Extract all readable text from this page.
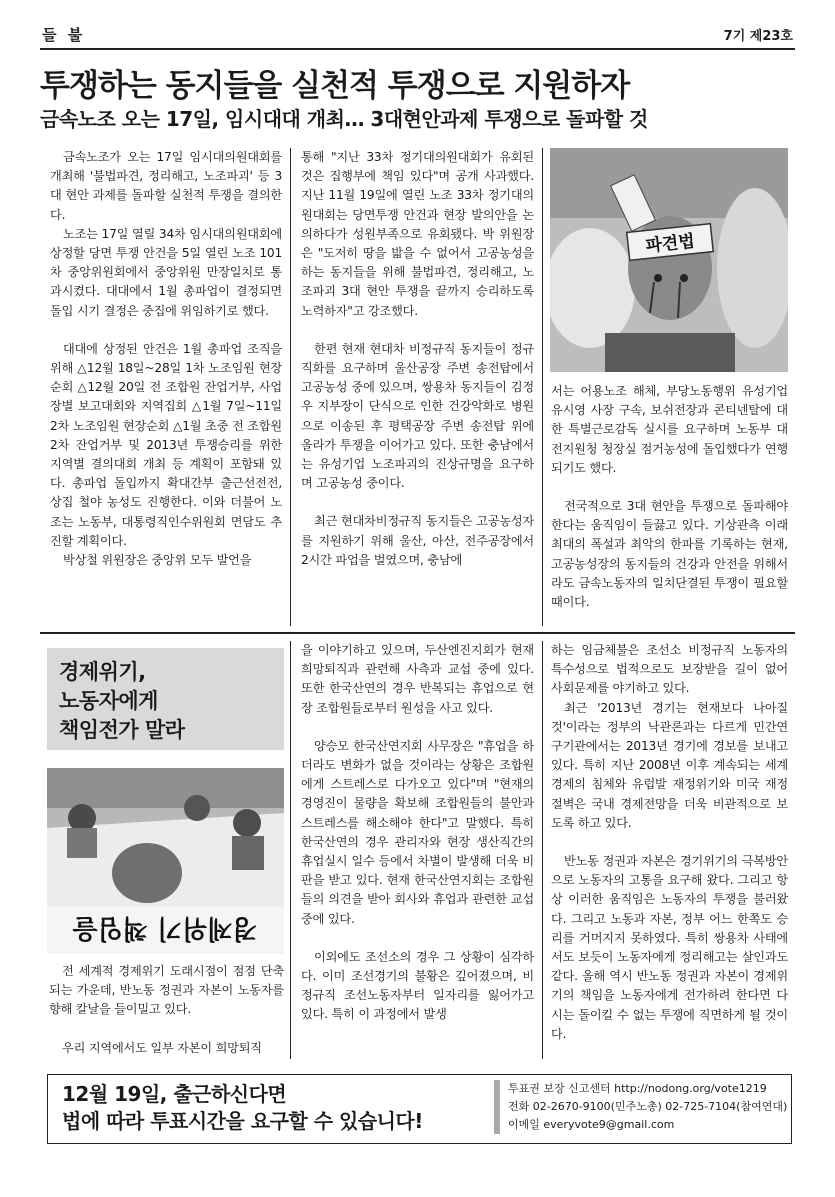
들 불	7기 제23호
투쟁하는 동지들을 실천적 투쟁으로 지원하자
금속노조 오는 17일, 임시대대 개최… 3대현안과제 투쟁으로 돌파할 것

금속노조가 오는 17일 임시대의원대회를 개최해 '불법파견, 정리해고, 노조파괴' 등 3대 현안 과제를 돌파할 실천적 투쟁을 결의한다.

노조는 17일 열릴 34차 임시대의원대회에 상정할 당면 투쟁 안건을 5일 열린 노조 101차 중앙위원회에서 중앙위원 만장일치로 통과시켰다. 대대에서 1월 총파업이 결정되면 돌입 시기 결정은 중집에 위임하기로 했다.

대대에 상정된 안건은 1월 총파업 조직을 위해 △12월 18일~28일 1차 노조임원 현장순회 △12월 20일 전 조합원 잔업거부, 사업장별 보고대회와 지역집회 △1월 7일~11일 2차 노조임원 현장순회 △1월 초중 전 조합원 2차 잔업거부 및 2013년 투쟁승리를 위한 지역별 결의대회 개최 등 계획이 포함돼 있다. 총파업 돌입까지 확대간부 출근선전전, 상집 철야 농성도 진행한다. 이와 더불어 노조는 노동부, 대통령직인수위원회 면담도 추진할 계획이다.

박상철 위원장은 중앙위 모두 발언을

통해 "지난 33차 정기대의원대회가 유회된 것은 집행부에 책임 있다"며 공개 사과했다. 지난 11월 19일에 열린 노조 33차 정기대의원대회는 당면투쟁 안건과 현장 발의안을 논의하다가 성원부족으로 유회됐다. 박 위원장은 "도저히 땅을 밟을 수 없어서 고공농성을 하는 동지들을 위해 불법파견, 정리해고, 노조파괴 3대 현안 투쟁을 끝까지 승리하도록 노력하자"고 강조했다.

한편 현재 현대차 비정규직 동지들이 정규직화를 요구하며 울산공장 주변 송전탑에서 고공농성 중에 있으며, 쌍용차 동지들이 김정우 지부장이 단식으로 인한 건강악화로 병원으로 이송된 후 평택공장 주변 송전탑 위에 올라가 투쟁을 이어가고 있다. 또한 충남에서는 유성기업 노조파괴의 진상규명을 요구하며 고공농성 중이다.

최근 현대차비정규직 동지들은 고공농성자를 지원하기 위해 울산, 아산, 전주공장에서 2시간 파업을 벌였으며, 충남에

파견법

서는 어용노조 해체, 부당노동행위 유성기업 유시영 사장 구속, 보쉬전장과 콘티넨탈에 대한 특별근로감독 실시를 요구하며 노동부 대전지원청 청장실 점거농성에 돌입했다가 연행되기도 했다.

전국적으로 3대 현안을 투쟁으로 돌파해야 한다는 움직임이 들끓고 있다. 기상관측 이래 최대의 폭설과 최악의 한파를 기록하는 현재, 고공농성장의 동지들의 건강과 안전을 위해서라도 금속노동자의 일치단결된 투쟁이 필요할 때이다.

경제위기,
노동자에게
책임전가 말라
경제위기 책임을

전 세계적 경제위기 도래시점이 점점 단축되는 가운데, 반노동 정권과 자본이 노동자를 향해 칼날을 들이밀고 있다.

우리 지역에서도 일부 자본이 희망퇴직

을 이야기하고 있으며, 두산엔진지회가 현재 희망퇴직과 관련해 사측과 교섭 중에 있다. 또한 한국산연의 경우 반복되는 휴업으로 현장 조합원들로부터 원성을 사고 있다.

양승모 한국산연지회 사무장은 "휴업을 하더라도 변화가 없을 것이라는 상황은 조합원에게 스트레스로 다가오고 있다"며 "현재의 경영진이 물량을 확보해 조합원들의 불안과 스트레스를 해소해야 한다"고 말했다. 특히 한국산연의 경우 관리자와 현장 생산직간의 휴업실시 일수 등에서 차별이 발생해 더욱 비판을 받고 있다. 현재 한국산연지회는 조합원들의 의견을 받아 회사와 휴업과 관련한 교섭 중에 있다.

이외에도 조선소의 경우 그 상황이 심각하다. 이미 조선경기의 불황은 깊어졌으며, 비정규직 조선노동자부터 일자리를 잃어가고 있다. 특히 이 과정에서 발생

하는 임금체불은 조선소 비정규직 노동자의 특수성으로 법적으로도 보장받을 길이 없어 사회문제를 야기하고 있다.

최근 '2013년 경기는 현재보다 나아질 것'이라는 정부의 낙관론과는 다르게 민간연구기관에서는 2013년 경기에 경보를 보내고 있다. 특히 지난 2008년 이후 계속되는 세계경제의 침체와 유럽발 재정위기와 미국 재정절벽은 국내 경제전망을 더욱 비관적으로 보도록 하고 있다.

반노동 정권과 자본은 경기위기의 극복방안으로 노동자의 고통을 요구해 왔다. 그리고 항상 이러한 움직임은 노동자의 투쟁을 불러왔다. 그리고 노동과 자본, 정부 어느 한쪽도 승리를 거머지지 못하였다. 특히 쌍용차 사태에서도 보듯이 노동자에게 정리해고는 살인과도 같다. 올해 역시 반노동 정권과 자본이 경제위기의 책임을 노동자에게 전가하려 한다면 다시는 돌이킬 수 없는 투쟁에 직면하게 될 것이다.

12월 19일, 출근하신다면
법에 따라 투표시간을 요구할 수 있습니다!
투표권 보장 신고센터 http://nodong.org/vote1219
전화 02-2670-9100(민주노총) 02-725-7104(참여연대)
이메일 everyvote9@gmail.com
